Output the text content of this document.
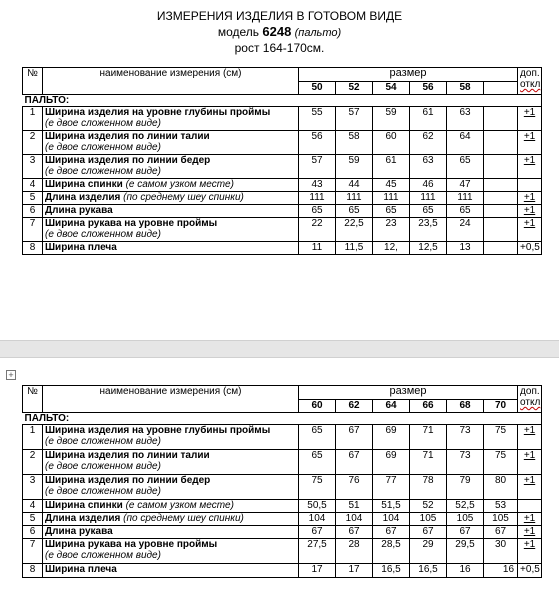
ИЗМЕРЕНИЯ ИЗДЕЛИЯ В ГОТОВОМ ВИДЕ
модель 6248 (пальто)
рост 164-170см.
№	наименование измерения (см)	размер						доп.
откл

		50	52	54	56	58		
ПАЛЬТО:								
1	Ширина изделия на уровне глубины проймы
(е двое сложенном виде)	55	57	59	61	63		+1
2	Ширина изделия по линии талии
(е двое сложенном виде)	56	58	60	62	64		+1
3	Ширина изделия по линии бедер
(е двое сложенном виде)	57	59	61	63	65		+1
4	Ширина спинки (е самом узком месте)	43	44	45	46	47		
5	Длина изделия (по среднему шеу спинки)	111	111	111	111	111		+1
6	Длина рукава	65	65	65	65	65		+1
7	Ширина рукава на уровне проймы
(е двое сложенном виде)	22	22,5	23	23,5	24		+1
8	Ширина плеча	11	11,5	12,	12,5	13		+0,5
№	наименование измерения (см)	размер						доп.
откл

		60	62	64	66	68	70	
ПАЛЬТО:								
1	Ширина изделия на уровне глубины проймы
(е двое сложенном виде)	65	67	69	71	73	75	+1
2	Ширина изделия по линии талии
(е двое сложенном виде)	65	67	69	71	73	75	+1
3	Ширина изделия по линии бедер
(е двое сложенном виде)	75	76	77	78	79	80	+1
4	Ширина спинки (е самом узком месте)	50,5	51	51,5	52	52,5	53	
5	Длина изделия (по среднему шеу спинки)	104	104	104	105	105	105	+1
6	Длина рукава	67	67	67	67	67	67	+1
7	Ширина рукава на уровне проймы
(е двое сложенном виде)	27,5	28	28,5	29	29,5	30	+1
8	Ширина плеча	17	17	16,5	16,5	16	16	+0,5
+
